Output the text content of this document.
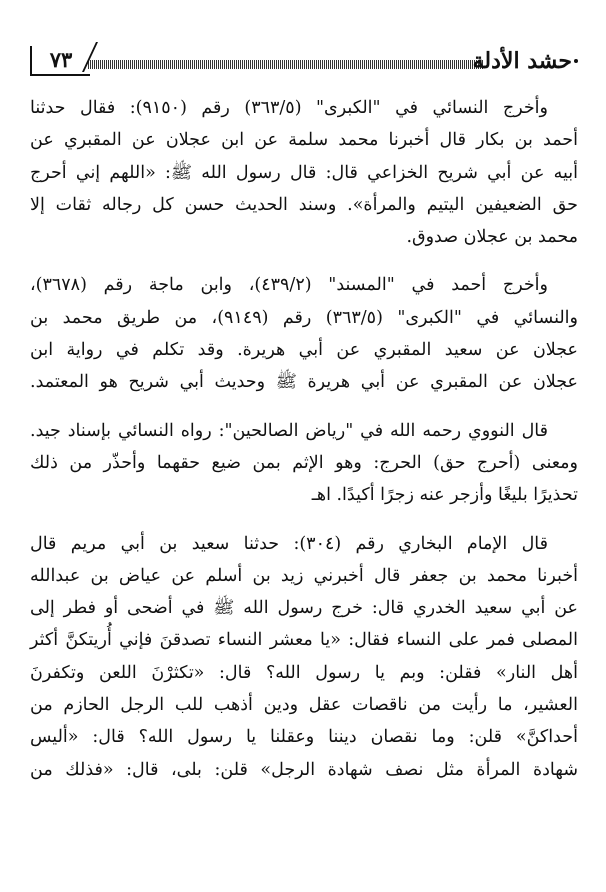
٧٣	حشد الأدلة
وأخرج النسائي في "الكبرى" (٣٦٣/٥) رقم (٩١٥٠): فقال حدثنا
أحمد بن بكار قال أخبرنا محمد سلمة عن ابن عجلان عن المقبري عن
أبيه عن أبي شريح الخزاعي قال: قال رسول الله ﷺ: «اللهم إني أحرج
حق الضعيفين اليتيم والمرأة». وسند الحديث حسن كل رجاله ثقات إلا
محمد بن عجلان صدوق.
وأخرج أحمد في "المسند" (٤٣٩/٢)، وابن ماجة رقم (٣٦٧٨)،
والنسائي في "الكبرى" (٣٦٣/٥) رقم (٩١٤٩)، من طريق محمد بن
عجلان عن سعيد المقبري عن أبي هريرة. وقد تكلم في رواية ابن
عجلان عن المقبري عن أبي هريرة ﷺ وحديث أبي شريح هو المعتمد.
قال النووي رحمه الله في "رياض الصالحين": رواه النسائي بإسناد جيد.
ومعنى (أحرج حق) الحرج: وهو الإثم بمن ضيع حقهما وأحذّر من ذلك
تحذيرًا بليغًا وأزجر عنه زجرًا أكيدًا. اهـ
قال الإمام البخاري رقم (٣٠٤): حدثنا سعيد بن أبي مريم قال
أخبرنا محمد بن جعفر قال أخبرني زيد بن أسلم عن عياض بن عبدالله
عن أبي سعيد الخدري قال: خرج رسول الله ﷺ في أضحى أو فطر إلى
المصلى فمر على النساء فقال: «يا معشر النساء تصدقنَ فإني أُريتكنَّ أكثر
أهل النار» فقلن: وبم يا رسول الله؟ قال: «تكثرْنَ اللعن وتكفرنَ
العشير، ما رأيت من ناقصات عقل ودين أذهب للب الرجل الحازم من
أحداكنَّ» قلن: وما نقصان ديننا وعقلنا يا رسول الله؟ قال: «أليس
شهادة المرأة مثل نصف شهادة الرجل» قلن: بلى، قال: «فذلك من
